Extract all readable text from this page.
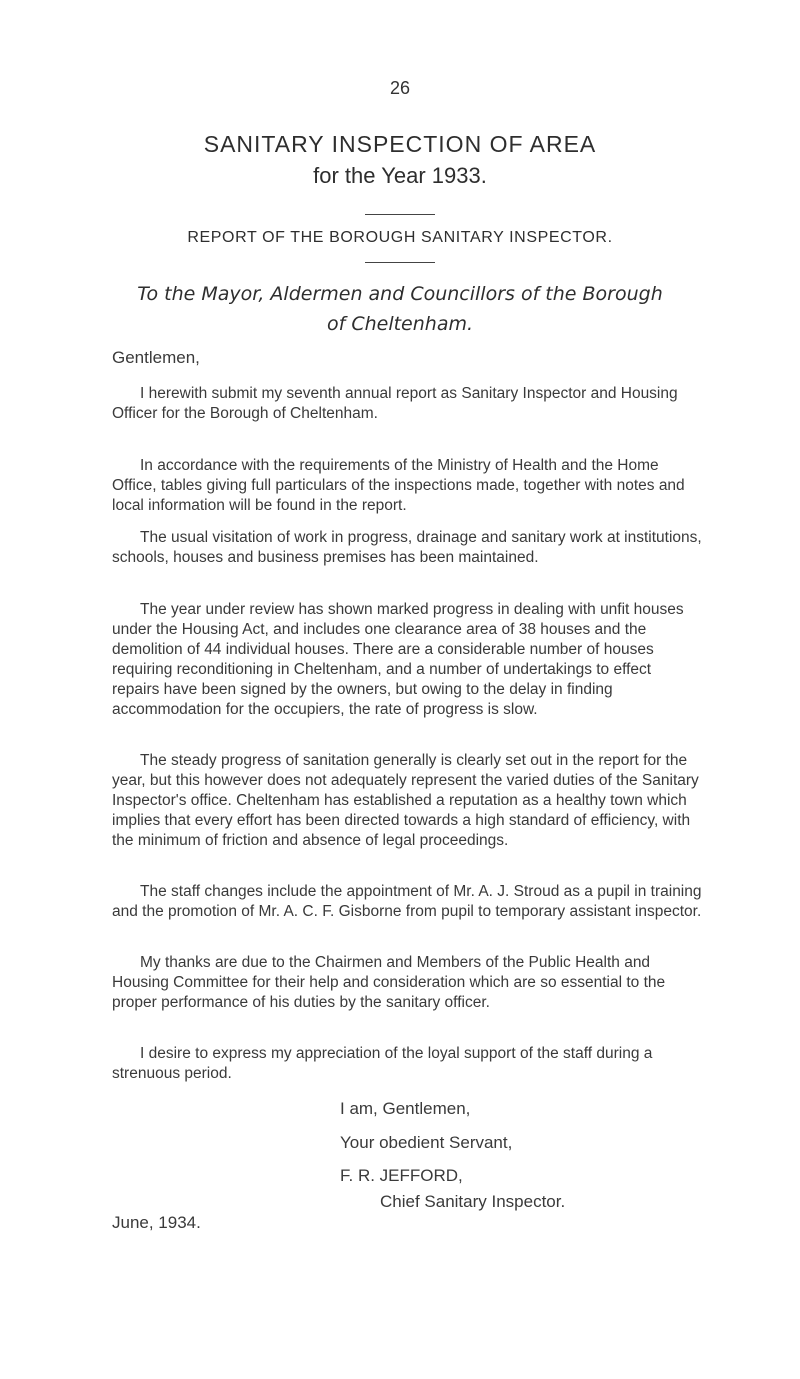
26
SANITARY INSPECTION OF AREA
for the Year 1933.
REPORT OF THE BOROUGH SANITARY INSPECTOR.
To the Mayor, Aldermen and Councillors of the Borough
of Cheltenham.
Gentlemen,

I herewith submit my seventh annual report as Sanitary Inspector and Housing Officer for the Borough of Cheltenham.

In accordance with the requirements of the Ministry of Health and the Home Office, tables giving full particulars of the inspections made, together with notes and local information will be found in the report.

The usual visitation of work in progress, drainage and sanitary work at institutions, schools, houses and business premises has been maintained.

The year under review has shown marked progress in dealing with unfit houses under the Housing Act, and includes one clearance area of 38 houses and the demolition of 44 individual houses. There are a considerable number of houses requiring reconditioning in Cheltenham, and a number of undertakings to effect repairs have been signed by the owners, but owing to the delay in finding accommodation for the occupiers, the rate of progress is slow.

The steady progress of sanitation generally is clearly set out in the report for the year, but this however does not adequately represent the varied duties of the Sanitary Inspector's office. Cheltenham has established a reputation as a healthy town which implies that every effort has been directed towards a high standard of efficiency, with the minimum of friction and absence of legal proceedings.

The staff changes include the appointment of Mr. A. J. Stroud as a pupil in training and the promotion of Mr. A. C. F. Gisborne from pupil to temporary assistant inspector.

My thanks are due to the Chairmen and Members of the Public Health and Housing Committee for their help and consideration which are so essential to the proper performance of his duties by the sanitary officer.

I desire to express my appreciation of the loyal support of the staff during a strenuous period.

I am, Gentlemen,
Your obedient Servant,
F. R. JEFFORD,
Chief Sanitary Inspector.
June, 1934.
